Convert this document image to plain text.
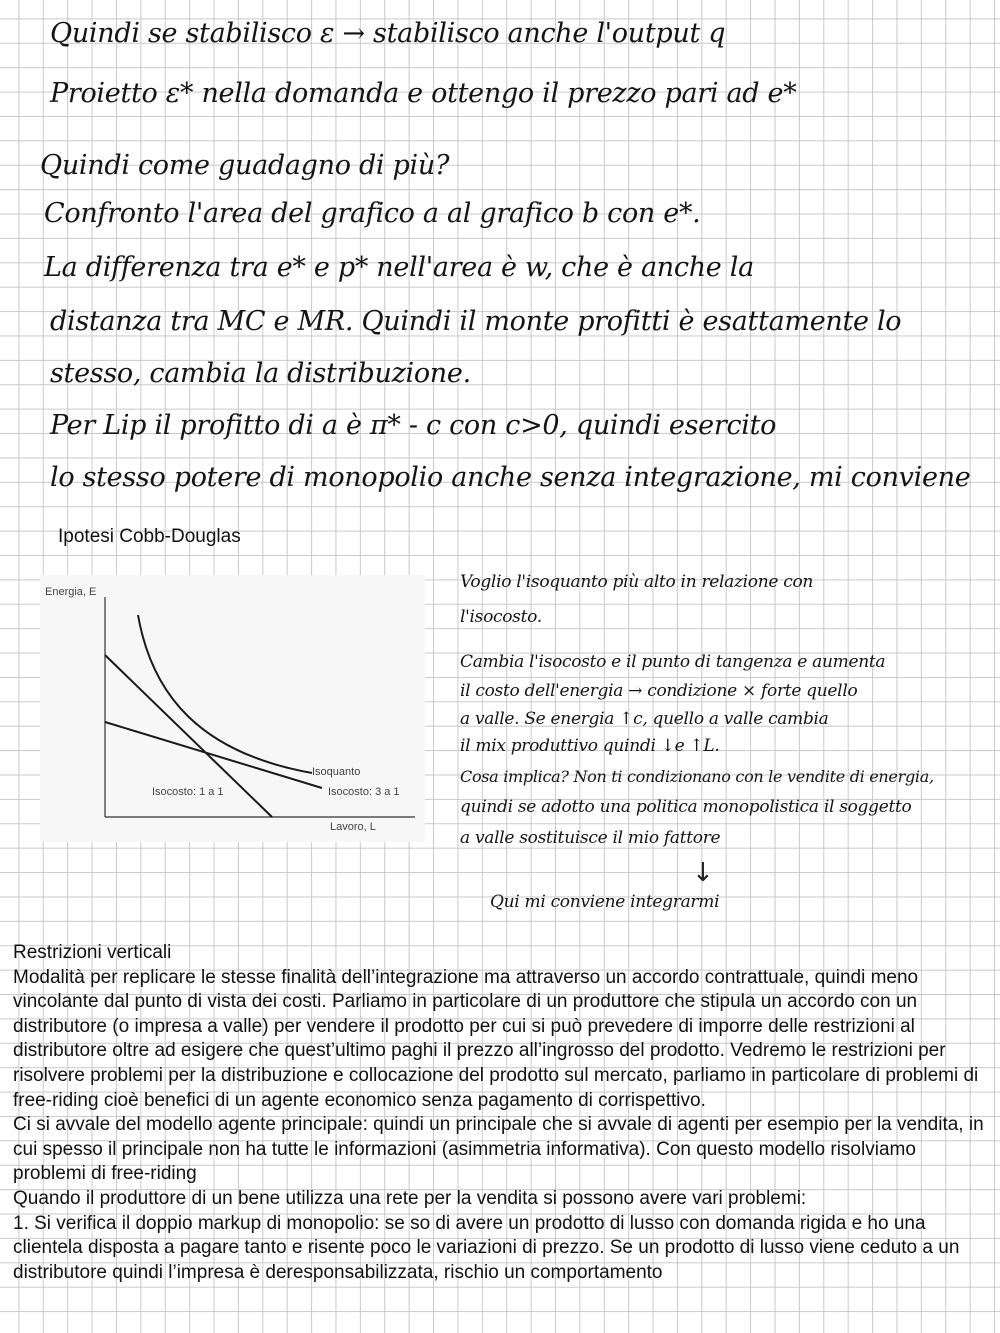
Quindi se stabilisco ε → stabilisco anche l'output q

Proietto ε* nella domanda e ottengo il prezzo pari ad e*

Quindi come guadagno di più?

Confronto l'area del grafico a al grafico b con e*.

La differenza tra e* e p* nell'area è w, che è anche la

distanza tra MC e MR. Quindi il monte profitti è esattamente lo

stesso, cambia la distribuzione.

Per Lip il profitto di a è π* - c con c>0, quindi esercito

lo stesso potere di monopolio anche senza integrazione, mi conviene

Ipotesi Cobb-Douglas

Energia, E

Isoquanto

Isocosto: 1 a 1	Isocosto: 3 a 1

Lavoro, L

Voglio l'isoquanto più alto in relazione con

l'isocosto.

Cambia l'isocosto e il punto di tangenza e aumenta

il costo dell'energia → condizione × forte quello

a valle. Se energia ↑c, quello a valle cambia

il mix produttivo quindi ↓e ↑L.

Cosa implica? Non ti condizionano con le vendite di energia,

quindi se adotto una politica monopolistica il soggetto

a valle sostituisce il mio fattore

↓

Qui mi conviene integrarmi

Restrizioni verticali

Modalità per replicare le stesse finalità dell’integrazione ma attraverso un accordo contrattuale, quindi meno vincolante dal punto di vista dei costi. Parliamo in particolare di un produttore che stipula un accordo con un distributore (o impresa a valle) per vendere il prodotto per cui si può prevedere di imporre delle restrizioni al distributore oltre ad esigere che quest’ultimo paghi il prezzo all’ingrosso del prodotto. Vedremo le restrizioni per risolvere problemi per la distribuzione e collocazione del prodotto sul mercato, parliamo in particolare di problemi di free-riding cioè benefici di un agente economico senza pagamento di corrispettivo.

Ci si avvale del modello agente principale: quindi un principale che si avvale di agenti per esempio per la vendita, in cui spesso il principale non ha tutte le informazioni (asimmetria informativa). Con questo modello risolviamo problemi di free-riding

Quando il produttore di un bene utilizza una rete per la vendita si possono avere vari problemi:

1. Si verifica il doppio markup di monopolio: se so di avere un prodotto di lusso con domanda rigida e ho una clientela disposta a pagare tanto e risente poco le variazioni di prezzo. Se un prodotto di lusso viene ceduto a un distributore quindi l’impresa è deresponsabilizzata, rischio un comportamento
